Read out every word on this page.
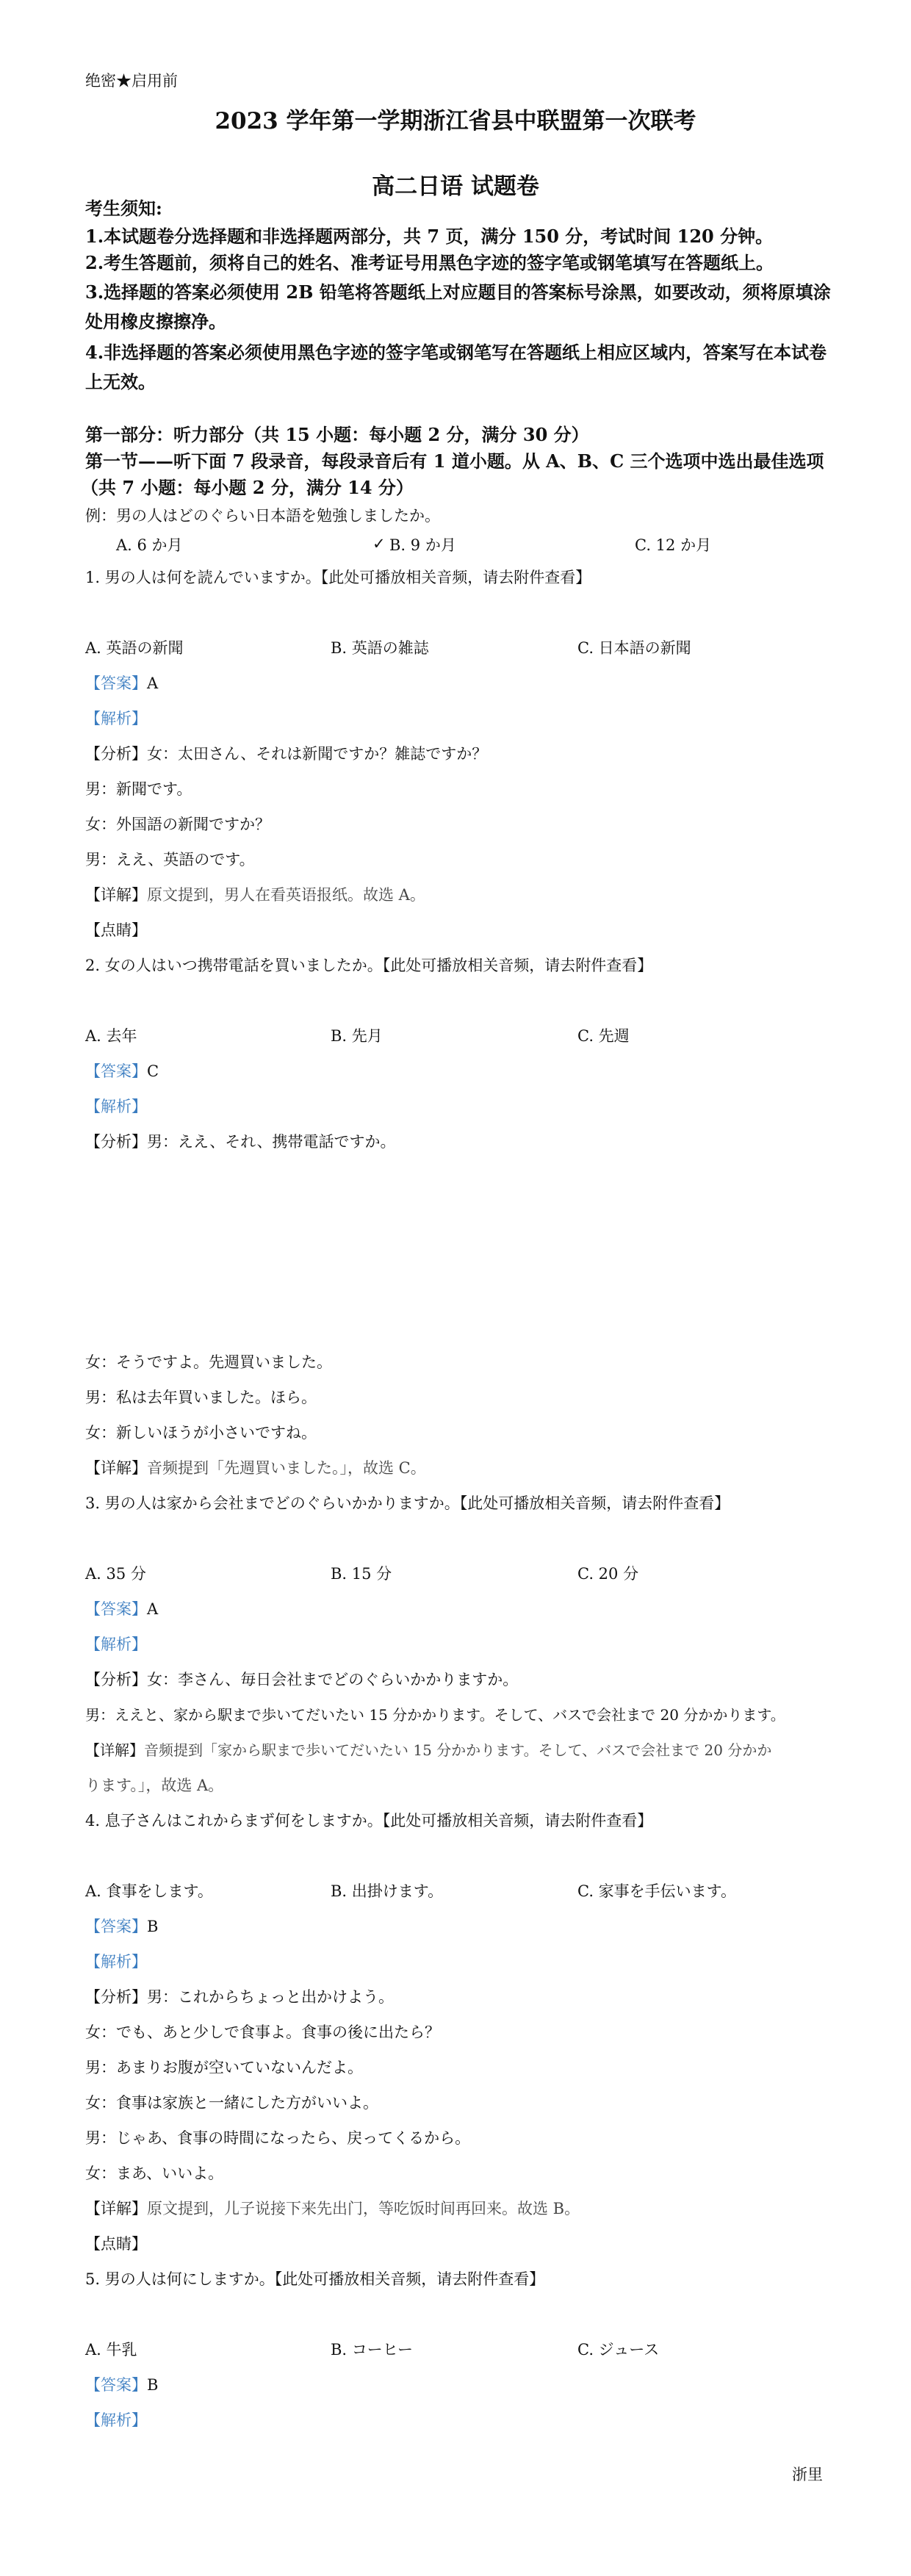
绝密★启用前
2023 学年第一学期浙江省县中联盟第一次联考
高二日语 试题卷
考生须知:
1.本试题卷分选择题和非选择题两部分，共 7 页，满分 150 分，考试时间 120 分钟。
2.考生答题前，须将自己的姓名、准考证号用黑色字迹的签字笔或钢笔填写在答题纸上。
3.选择题的答案必须使用 2B 铅笔将答题纸上对应题目的答案标号涂黑，如要改动，须将原填涂处用橡皮擦擦净。
4.非选择题的答案必须使用黑色字迹的签字笔或钢笔写在答题纸上相应区域内，答案写在本试卷上无效。
第一部分：听力部分（共 15 小题：每小题 2 分，满分 30 分）
第一节——听下面 7 段录音，每段录音后有 1 道小题。从 A、B、C 三个选项中选出最佳选项
（共 7 小题：每小题 2 分，满分 14 分）
例：男の人はどのぐらい日本語を勉強しましたか。
A. 6 か月	✓ B. 9 か月	C. 12 か月
1. 男の人は何を読んでいますか。【此处可播放相关音频，请去附件查看】
A. 英語の新聞	B. 英語の雑誌	C. 日本語の新聞
【答案】A
【解析】
【分析】女：太田さん、それは新聞ですか？雑誌ですか？
男：新聞です。
女：外国語の新聞ですか？
男：ええ、英語のです。
【详解】原文提到，男人在看英语报纸。故选 A。
【点睛】
2. 女の人はいつ携帯電話を買いましたか。【此处可播放相关音频，请去附件查看】
A. 去年	B. 先月	C. 先週
【答案】C
【解析】
【分析】男：ええ、それ、携帯電話ですか。
女：そうですよ。先週買いました。
男：私は去年買いました。ほら。
女：新しいほうが小さいですね。
【详解】音频提到「先週買いました。」，故选 C。
3. 男の人は家から会社までどのぐらいかかりますか。【此处可播放相关音频，请去附件查看】
A. 35 分	B. 15 分	C. 20 分
【答案】A
【解析】
【分析】女：李さん、毎日会社までどのぐらいかかりますか。
男：ええと、家から駅まで歩いてだいたい 15 分かかります。そして、バスで会社まで 20 分かかります。
【详解】音频提到「家から駅まで歩いてだいたい 15 分かかります。そして、バスで会社まで 20 分かか
ります。」，故选 A。
4. 息子さんはこれからまず何をしますか。【此处可播放相关音频，请去附件查看】
A. 食事をします。	B. 出掛けます。	C. 家事を手伝います。
【答案】B
【解析】
【分析】男：これからちょっと出かけよう。
女：でも、あと少しで食事よ。食事の後に出たら？
男：あまりお腹が空いていないんだよ。
女：食事は家族と一緒にした方がいいよ。
男：じゃあ、食事の時間になったら、戻ってくるから。
女：まあ、いいよ。
【详解】原文提到，儿子说接下来先出门，等吃饭时间再回来。故选 B。
【点睛】
5. 男の人は何にしますか。【此处可播放相关音频，请去附件查看】
A. 牛乳	B. コーヒー	C. ジュース
【答案】B
【解析】
浙里
